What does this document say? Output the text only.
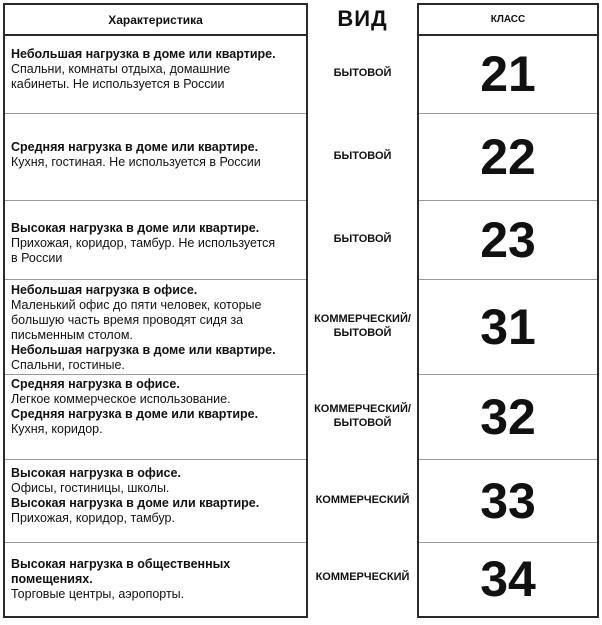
Характеристика

Небольшая нагрузка в доме или квартире.

Спальни, комнаты отдыха, домашние

кабинеты. Не используется в России

Средняя нагрузка в доме или квартире.

Кухня, гостиная. Не используется в России

Высокая нагрузка в доме или квартире.

Прихожая, коридор, тамбур. Не используется

в России

Небольшая нагрузка в офисе.

Маленький офис до пяти человек, которые

большую часть время проводят сидя за

письменным столом.

Небольшая нагрузка в доме или квартире.

Спальни, гостиные.

Средняя нагрузка в офисе.

Легкое коммерческое использование.

Средняя нагрузка в доме или квартире.

Кухня, коридор.

Высокая нагрузка в офисе.

Офисы, гостиницы, школы.

Высокая нагрузка в доме или квартире.

Прихожая, коридор, тамбур.

Высокая нагрузка в общественных

помещениях.

Торговые центры, аэропорты.

ВИД
БЫТОВОЙ
БЫТОВОЙ
БЫТОВОЙ
КОММЕРЧЕСКИЙ/
БЫТОВОЙ
КОММЕРЧЕСКИЙ/
БЫТОВОЙ
КОММЕРЧЕСКИЙ
КОММЕРЧЕСКИЙ
КЛАСС
21
22
23
31
32
33
34
